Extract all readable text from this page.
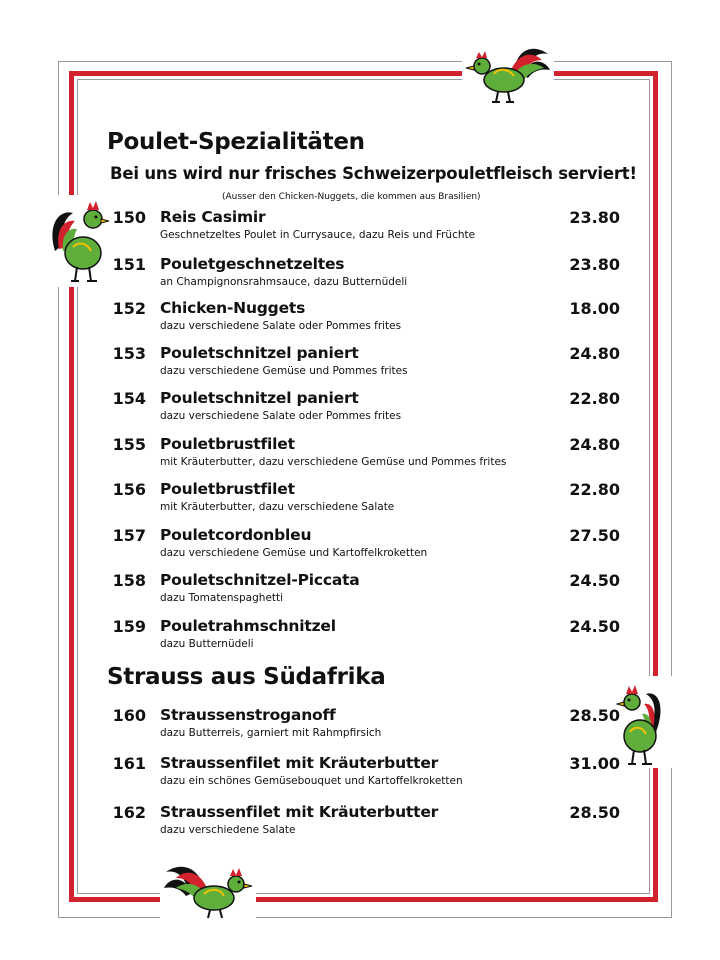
Poulet-Spezialitäten
Bei uns wird nur frisches Schweizerpouletfleisch serviert!
(Ausser den Chicken-Nuggets, die kommen aus Brasilien)
150 Reis Casimir
Geschnetzeltes Poulet in Currysauce, dazu Reis und Früchte
23.80
151 Pouletgeschnetzeltes
an Champignonsrahmsauce, dazu Butternüdeli
23.80
152 Chicken-Nuggets
dazu verschiedene Salate oder Pommes frites
18.00
153 Pouletschnitzel paniert
dazu verschiedene Gemüse und Pommes frites
24.80
154 Pouletschnitzel paniert
dazu verschiedene Salate oder Pommes frites
22.80
155 Pouletbrustfilet
mit Kräuterbutter, dazu verschiedene Gemüse und Pommes frites
24.80
156 Pouletbrustfilet
mit Kräuterbutter, dazu verschiedene Salate
22.80
157 Pouletcordonbleu
dazu verschiedene Gemüse und Kartoffelkroketten
27.50
158 Pouletschnitzel-Piccata
dazu Tomatenspaghetti
24.50
159 Pouletrahmschnitzel
dazu Butternüdeli
24.50
Strauss aus Südafrika
160 Straussenstroganoff
dazu Butterreis, garniert mit Rahmpfirsich
28.50
161 Straussenfilet mit Kräuterbutter
dazu ein schönes Gemüsebouquet und Kartoffelkroketten
31.00
162 Straussenfilet mit Kräuterbutter
dazu verschiedene Salate
28.50
